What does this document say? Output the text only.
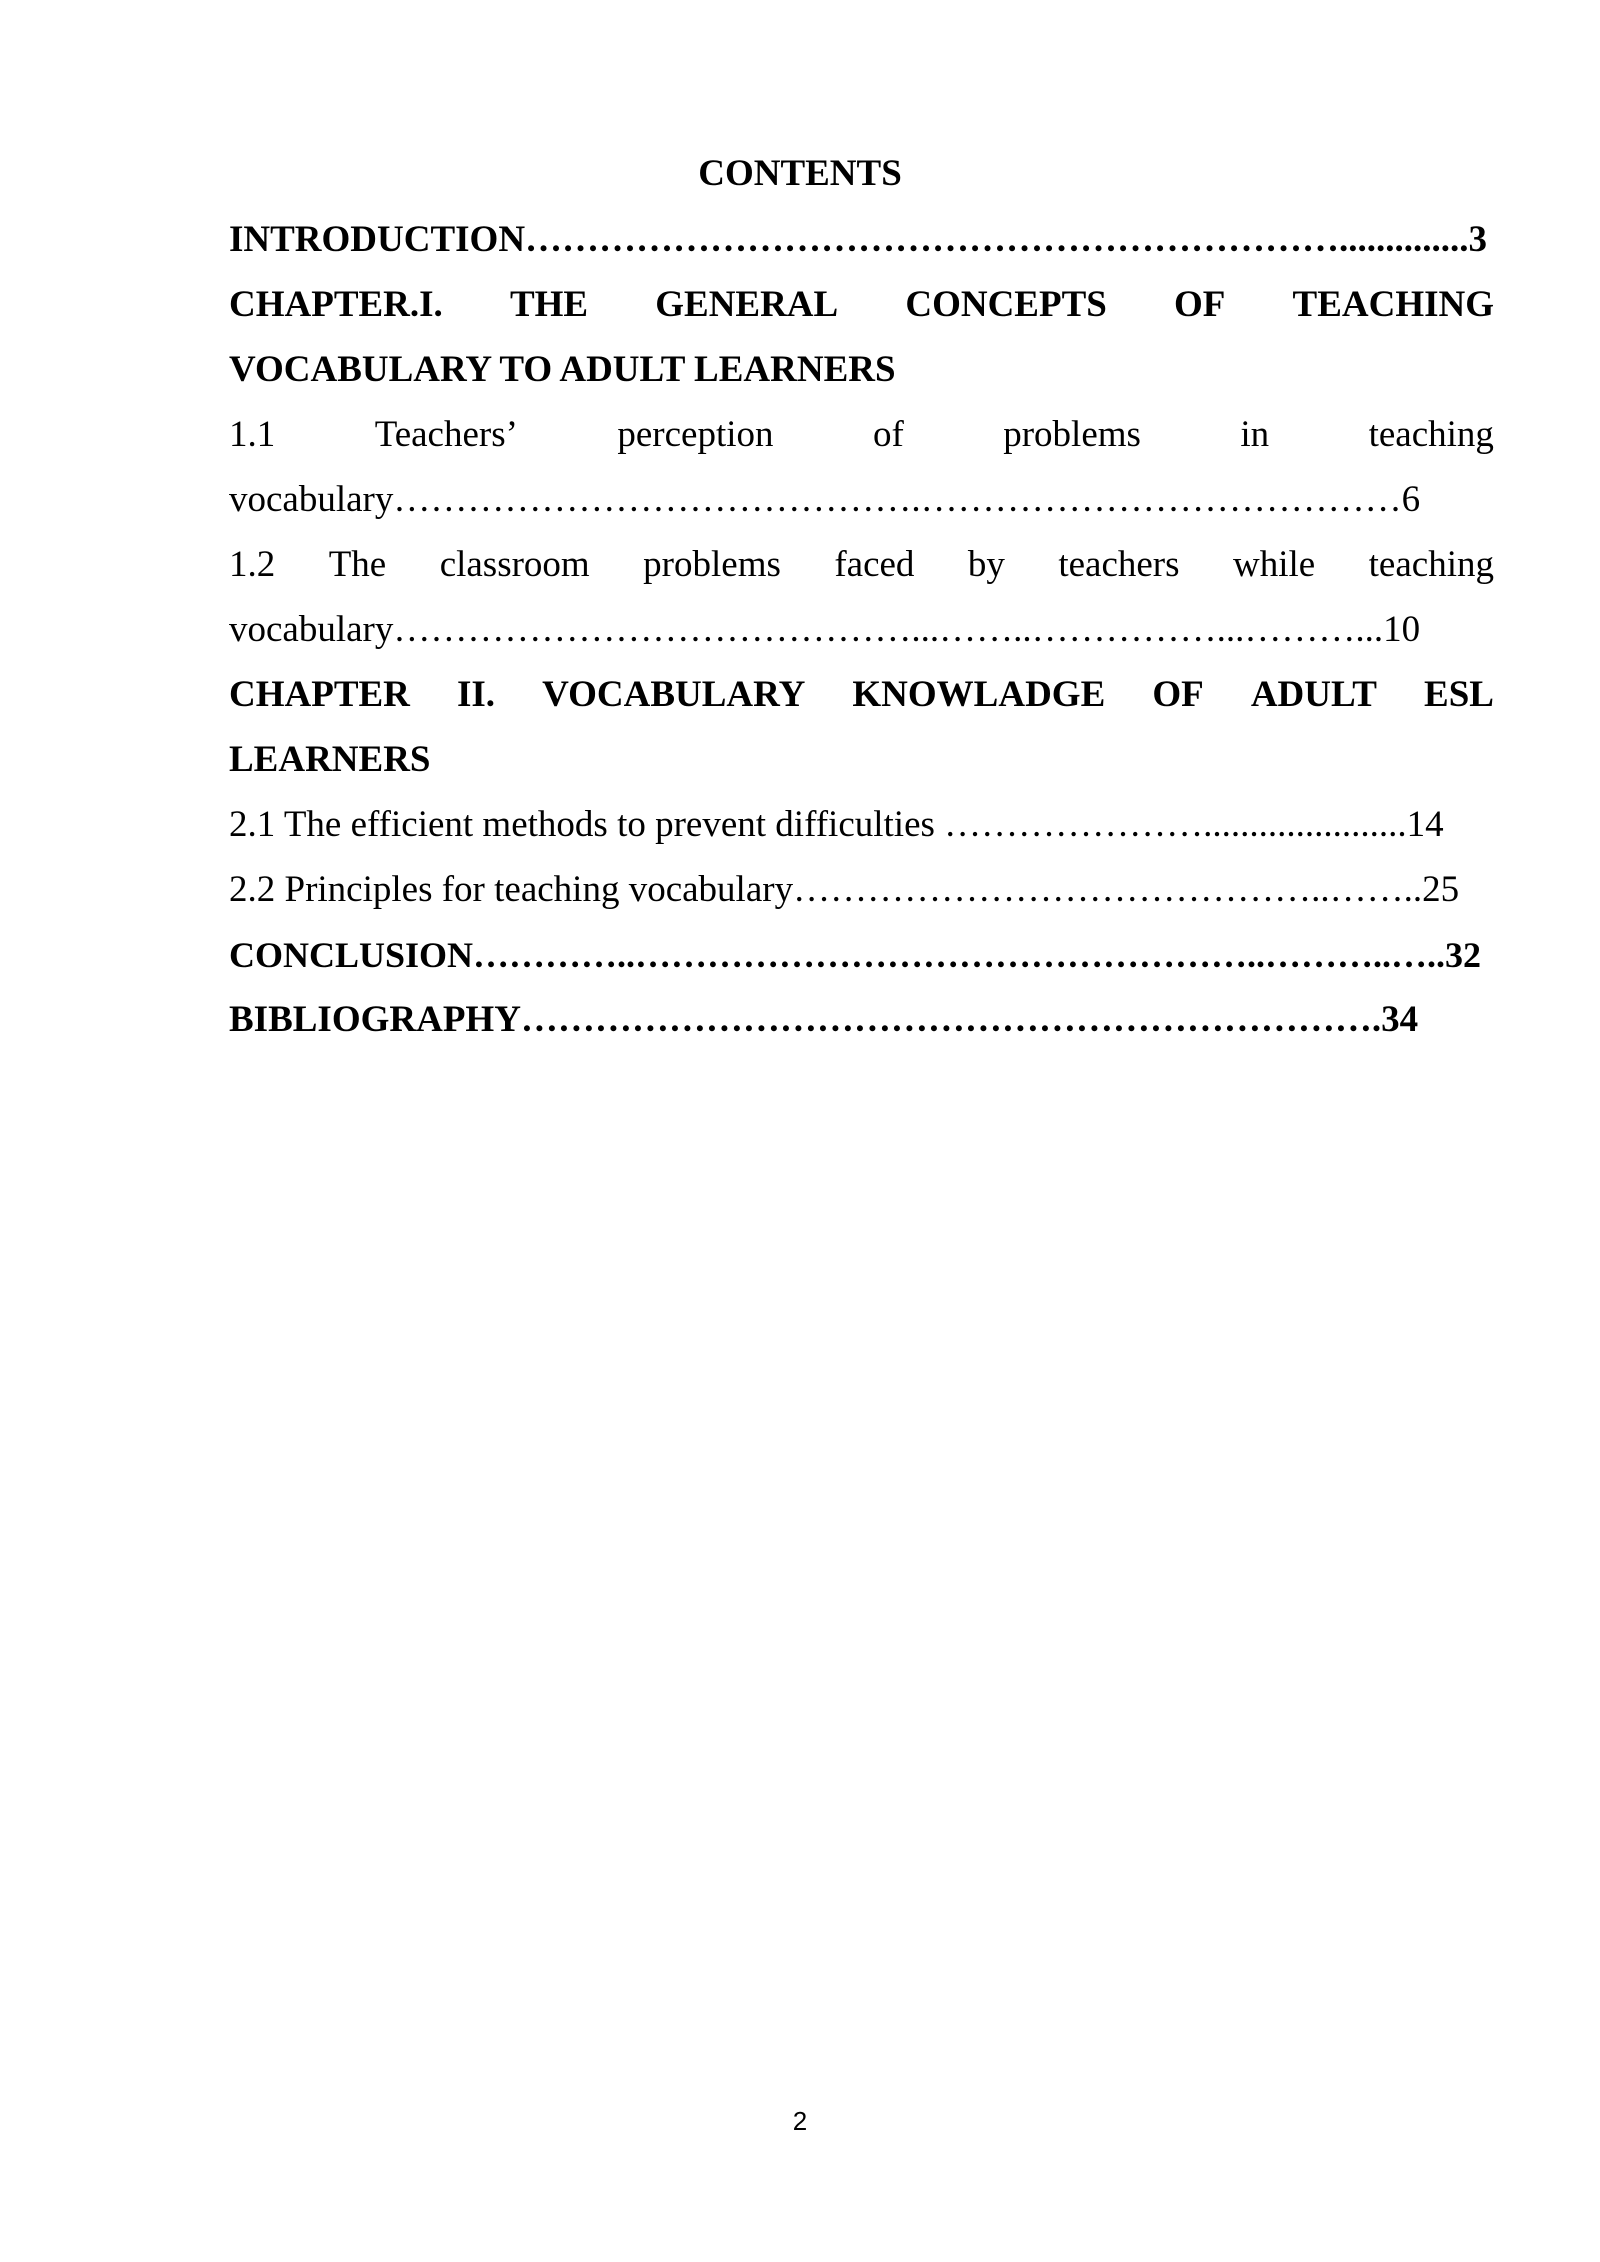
CONTENTS
INTRODUCTION…………………………………………………………..............3
CHAPTER.I. THE GENERAL CONCEPTS OF TEACHING
VOCABULARY TO ADULT LEARNERS
1.1	Teachers’	perception	of	problems	in	teaching
vocabulary…………………………………….…………………………………6
1.2 The classroom problems faced by teachers while teaching
vocabulary……………………………………...……..……………...………...10
CHAPTER II. VOCABULARY KNOWLADGE OF ADULT ESL
LEARNERS
2.1 The efficient methods to prevent difficulties …………………......................14
2.2 Principles for teaching vocabulary……………………………………..……..25
CONCLUSION…………..……………………………………………..………..…..32
BIBLIOGRAPHY…………………………………………………………….34
2
